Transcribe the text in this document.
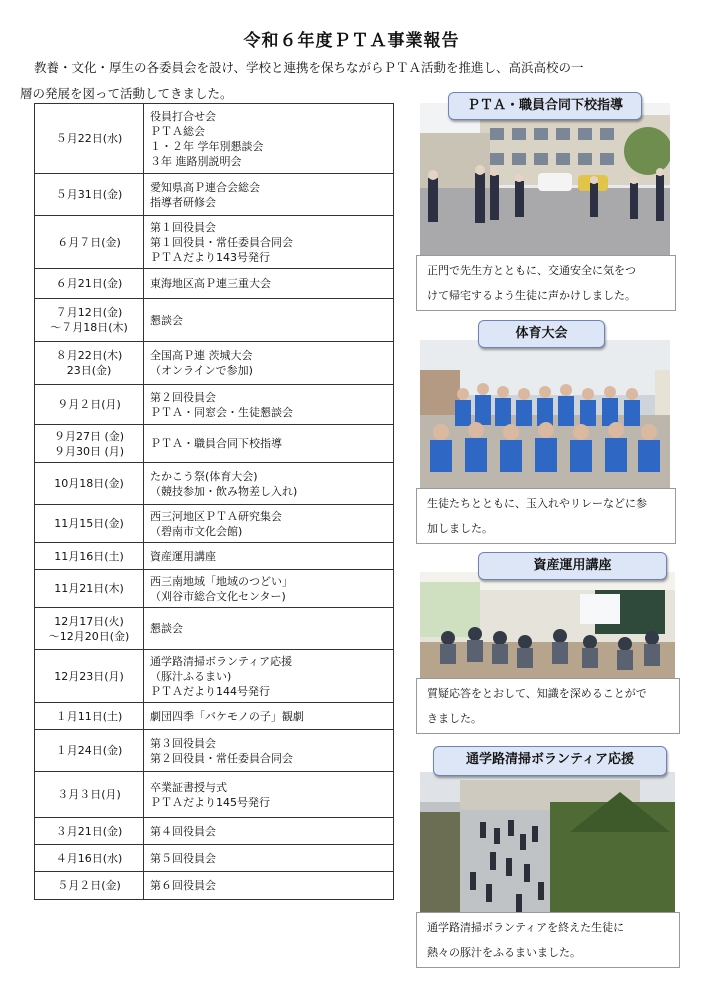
令和６年度ＰＴＡ事業報告
教養・文化・厚生の各委員会を設け、学校と連携を保ちながらＰＴＡ活動を推進し、高浜高校の一
層の発展を図って活動してきました。
５月22日(水)	役員打合せ会
ＰＴＡ総会
１・２年 学年別懇談会
３年 進路別説明会

５月31日(金)	愛知県高Ｐ連合会総会
指導者研修会

６月７日(金)	第１回役員会
第１回役員・常任委員合同会
ＰＴＡだより143号発行

６月21日(金)	東海地区高Ｐ連三重大会

７月12日(金)
～７月18日(木)	懇談会

８月22日(木)
23日(金)	全国高Ｐ連 茨城大会
（オンラインで参加)

９月２日(月)	第２回役員会
ＰＴＡ・同窓会・生徒懇談会

９月27日 (金)
９月30日 (月)	ＰＴＡ・職員合同下校指導

10月18日(金)	たかこう祭(体育大会)
（競技参加・飲み物差し入れ)

11月15日(金)	西三河地区ＰＴＡ研究集会
（碧南市文化会館)

11月16日(土)	資産運用講座

11月21日(木)	西三南地域「地域のつどい」
（刈谷市総合文化センター)

12月17日(火)
～12月20日(金)	懇談会

12月23日(月)	通学路清掃ボランティア応援
（豚汁ふるまい)
ＰＴＡだより144号発行

１月11日(土)	劇団四季「バケモノの子」観劇

１月24日(金)	第３回役員会
第２回役員・常任委員合同会

３月３日(月)	卒業証書授与式
ＰＴＡだより145号発行

３月21日(金)	第４回役員会

４月16日(水)	第５回役員会

５月２日(金)	第６回役員会
ＰＴＡ・職員合同下校指導
正門で先生方とともに、交通安全に気をつ
けて帰宅するよう生徒に声かけしました。
体育大会
生徒たちとともに、玉入れやリレーなどに参
加しました。
資産運用講座
質疑応答をとおして、知識を深めることがで
きました。
通学路清掃ボランティア応援
通学路清掃ボランティアを終えた生徒に
熱々の豚汁をふるまいました。
